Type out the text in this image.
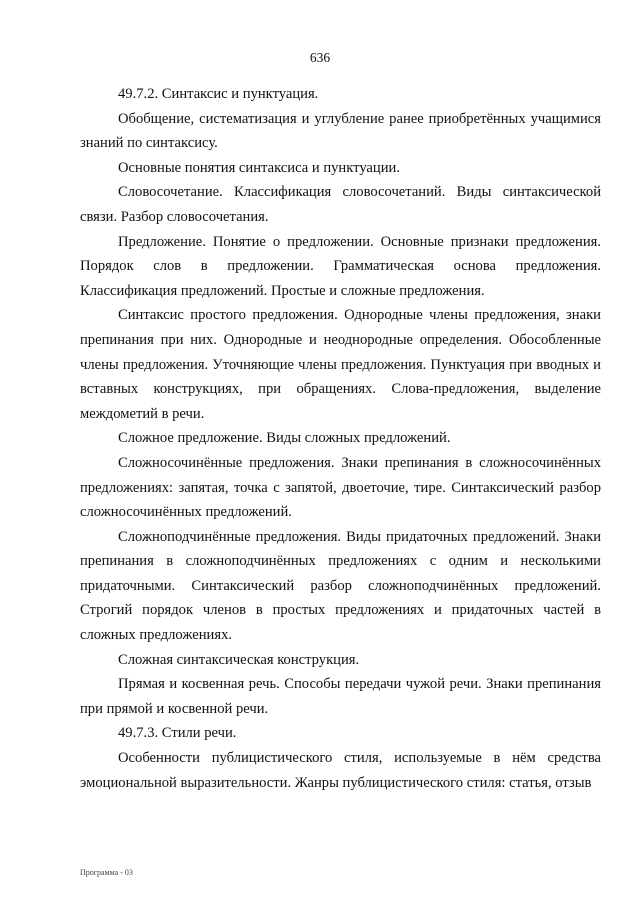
636

49.7.2. Синтаксис и пунктуация.

Обобщение, систематизация и углубление ранее приобретённых учащимися знаний по синтаксису.

Основные понятия синтаксиса и пунктуации.

Словосочетание. Классификация словосочетаний. Виды синтаксической связи. Разбор словосочетания.

Предложение. Понятие о предложении. Основные признаки предложения. Порядок слов в предложении. Грамматическая основа предложения. Классификация предложений. Простые и сложные предложения.

Синтаксис простого предложения. Однородные члены предложения, знаки препинания при них. Однородные и неоднородные определения. Обособленные члены предложения. Уточняющие члены предложения. Пунктуация при вводных и вставных конструкциях, при обращениях. Слова-предложения, выделение междометий в речи.

Сложное предложение. Виды сложных предложений.

Сложносочинённые предложения. Знаки препинания в сложносочинённых предложениях: запятая, точка с запятой, двоеточие, тире. Синтаксический разбор сложносочинённых предложений.

Сложноподчинённые предложения. Виды придаточных предложений. Знаки препинания в сложноподчинённых предложениях с одним и несколькими придаточными. Синтаксический разбор сложноподчинённых предложений. Строгий порядок членов в простых предложениях и придаточных частей в сложных предложениях.

Сложная синтаксическая конструкция.

Прямая и косвенная речь. Способы передачи чужой речи. Знаки препинания при прямой и косвенной речи.

49.7.3. Стили речи.

Особенности публицистического стиля, используемые в нём средства эмоциональной выразительности. Жанры публицистического стиля: статья, отзыв

Программа - 03
